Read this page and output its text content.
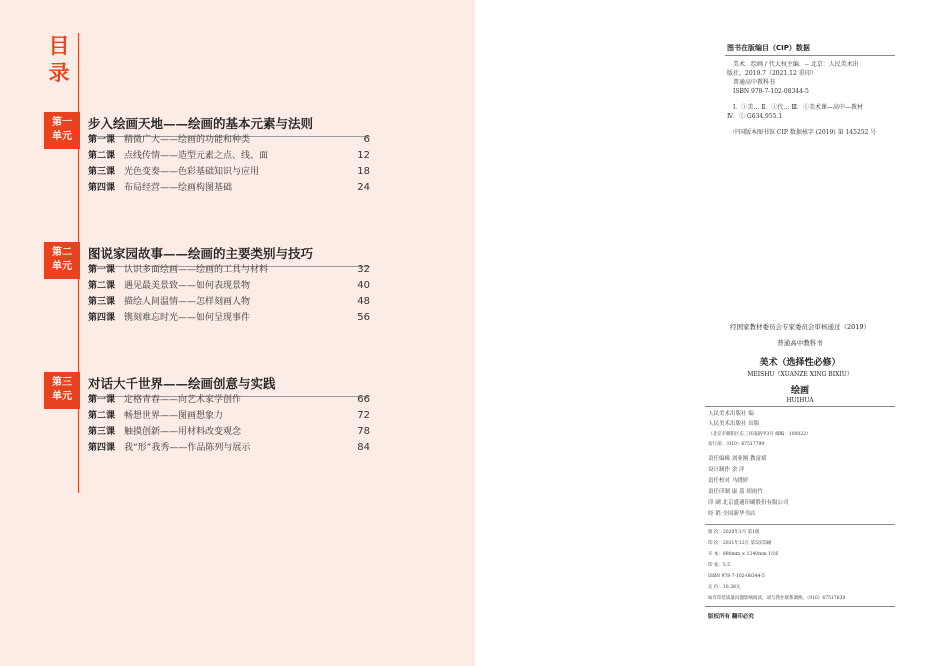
目
录
第一
单元
步入绘画天地——绘画的基本元素与法则
第一课 精微广大——绘画的功能和种类	6
第二课 点线传情——造型元素之点、线、面	12
第三课 光色变奏——色彩基础知识与应用	18
第四课 布局经营——绘画构图基础	24
第二
单元
图说家园故事——绘画的主要类别与技巧
第一课 认识多面绘画——绘画的工具与材料	32
第二课 遇见最美景致——如何表现景物	40
第三课 描绘人间温情——怎样刻画人物	48
第四课 镌刻难忘时光——如何呈现事件	56
第三
单元
对话大千世界——绘画创意与实践
第一课 定格青春——向艺术家学创作	66
第二课 畅想世界——图画想象力	72
第三课 触摸创新——用材料改变观念	78
第四课 我“形”我秀——作品陈列与展示	84
图书在版编目（CIP）数据
美术．绘画 / 代大权主编．-- 北京：人民美术出
版社，2019.7（2021.12 重印）
普通高中教科书
ISBN 978-7-102-08344-5
Ⅰ．①美… Ⅱ．①代… Ⅲ．①美术课—高中—教材
Ⅳ．① G634.955.1
中国版本图书馆 CIP 数据核字 (2019) 第 145252 号
经国家教材委员会专家委员会审核通过（2019）
普通高中教科书
美术（选择性必修）
MEISHU（XUANZE XING BIXIU）
绘画
HUIHUA
人民美术出版社 编
人民美术出版社 出版
（北京市朝阳区东三环南路甲3号 邮编：100022）
发行部：（010）67517799
责任编辑 刘亚刚 教富斌
设计制作 余 洋
责任校对 马晓婷
责任印制 康 荔 胡雨竹
印 刷 北京盛通印刷股份有限公司
经 销 全国新华书店
版 次：2020年1月 第1版
印 次：2021年12月 第5次印刷
开 本：890mm × 1240mm 1/16
印 张：5.5
ISBN 978-7-102-08344-5
定 价：10.38元
如有印装质量问题影响阅读，请与我社联系调换。（010）67517639
版权所有 翻印必究
